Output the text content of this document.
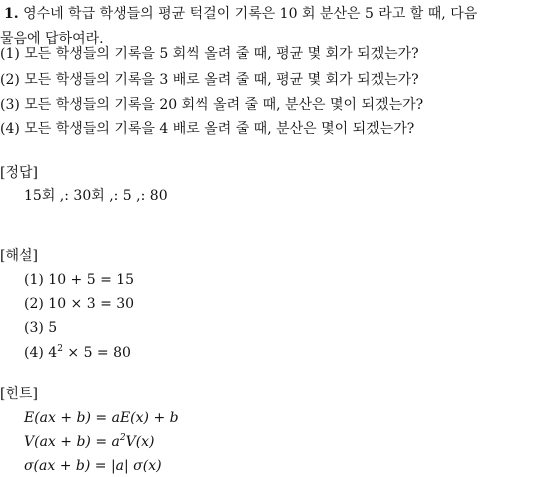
1. 영수네 학급 학생들의 평균 턱걸이 기록은 10 회 분산은 5 라고 할 때, 다음
물음에 답하여라.
(1) 모든 학생들의 기록을 5 회씩 올려 줄 때, 평균 몇 회가 되겠는가?
(2) 모든 학생들의 기록을 3 배로 올려 줄 때, 평균 몇 회가 되겠는가?
(3) 모든 학생들의 기록을 20 회씩 올려 줄 때, 분산은 몇이 되겠는가?
(4) 모든 학생들의 기록을 4 배로 올려 줄 때, 분산은 몇이 되겠는가?
[정답]
15회 ,: 30회 ,: 5 ,: 80
[해설]
(1) 10 + 5 = 15
(2) 10 × 3 = 30
(3) 5
(4) $4^2 \times 5 = 80$
[힌트]
E(ax + b) = aE(x) + b
$V(ax + b) = a^2V(x)$
σ(ax + b) = |a| σ(x)
